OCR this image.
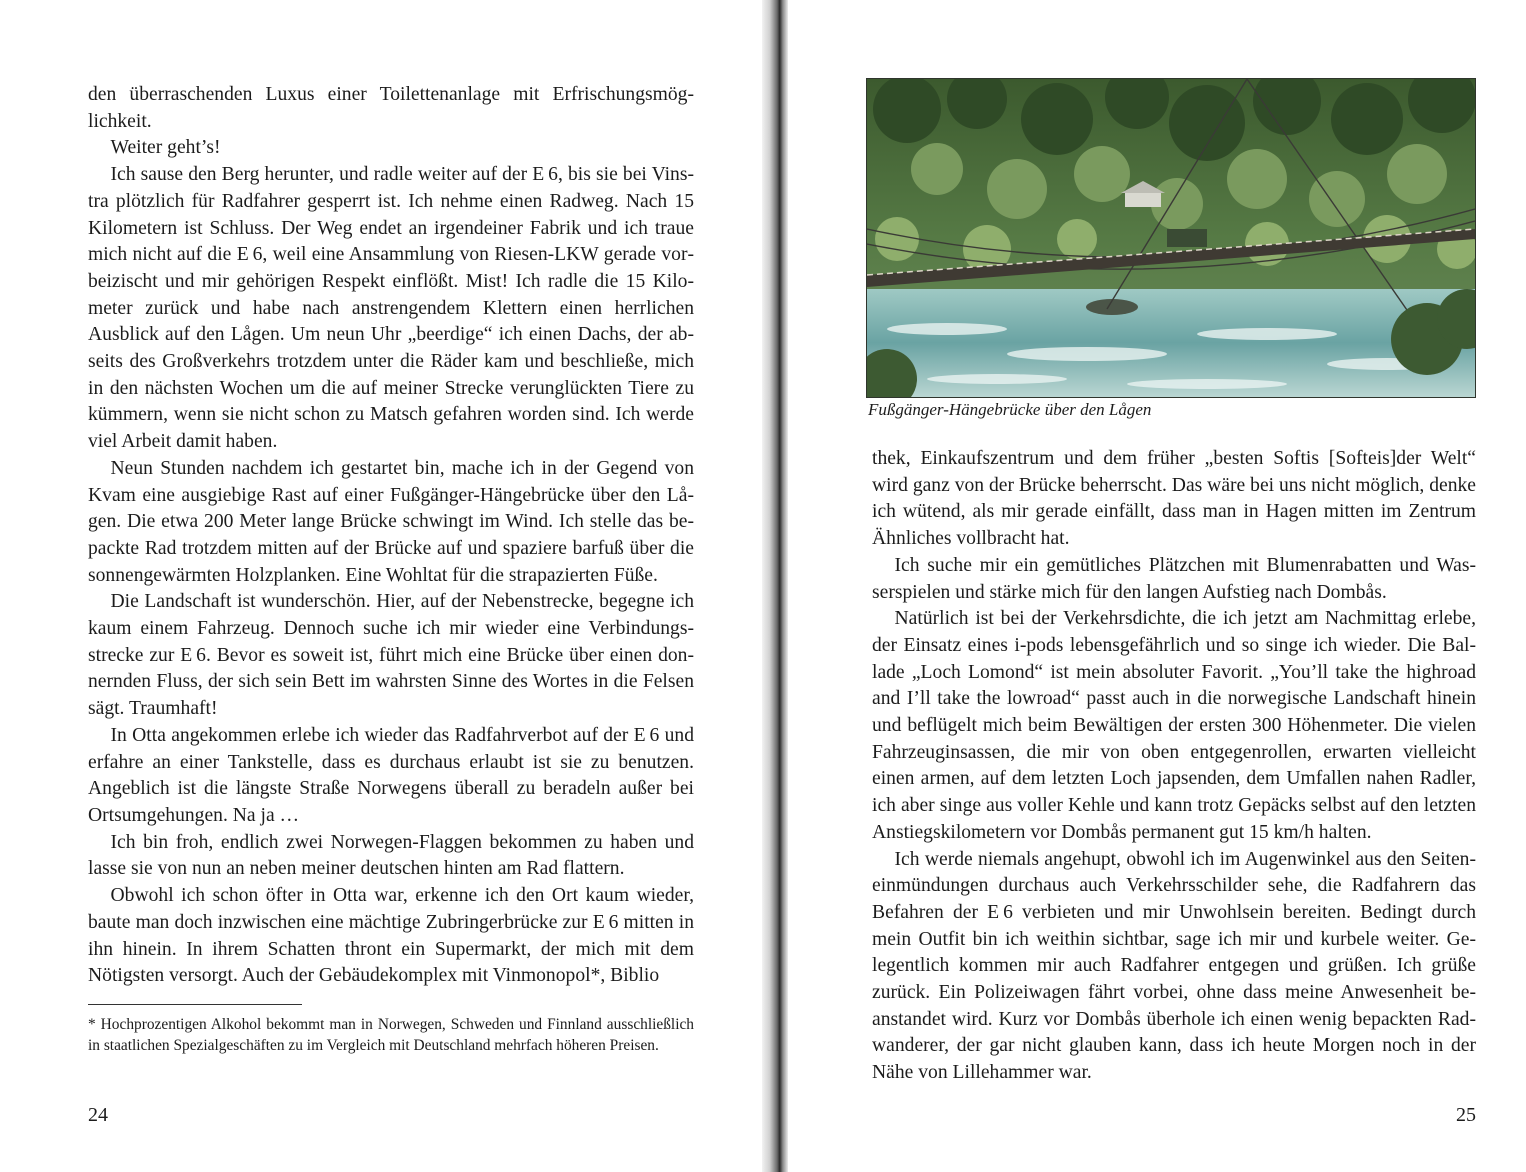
den überraschenden Luxus einer Toilettenanlage mit Erfrischungsmöglichkeit.

Weiter geht’s!

Ich sause den Berg herunter, und radle weiter auf der E 6, bis sie bei Vinstra plötzlich für Radfahrer gesperrt ist. Ich nehme einen Radweg. Nach 15 Kilometern ist Schluss. Der Weg endet an irgendeiner Fabrik und ich traue mich nicht auf die E 6, weil eine Ansammlung von Riesen-LKW gerade vorbeizischt und mir gehörigen Respekt einflößt. Mist! Ich radle die 15 Kilometer zurück und habe nach anstrengendem Klettern einen herrlichen Ausblick auf den Lågen. Um neun Uhr „beerdige“ ich einen Dachs, der abseits des Großverkehrs trotzdem unter die Räder kam und beschließe, mich in den nächsten Wochen um die auf meiner Strecke verunglückten Tiere zu kümmern, wenn sie nicht schon zu Matsch gefahren worden sind. Ich werde viel Arbeit damit haben.

Neun Stunden nachdem ich gestartet bin, mache ich in der Gegend von Kvam eine ausgiebige Rast auf einer Fußgänger-Hängebrücke über den Lågen. Die etwa 200 Meter lange Brücke schwingt im Wind. Ich stelle das bepackte Rad trotzdem mitten auf der Brücke auf und spaziere barfuß über die sonnengewärmten Holzplanken. Eine Wohltat für die strapazierten Füße.

Die Landschaft ist wunderschön. Hier, auf der Nebenstrecke, begegne ich kaum einem Fahrzeug. Dennoch suche ich mir wieder eine Verbindungsstrecke zur E 6. Bevor es soweit ist, führt mich eine Brücke über einen donnernden Fluss, der sich sein Bett im wahrsten Sinne des Wortes in die Felsen sägt. Traumhaft!

In Otta angekommen erlebe ich wieder das Radfahrverbot auf der E 6 und erfahre an einer Tankstelle, dass es durchaus erlaubt ist sie zu benutzen. Angeblich ist die längste Straße Norwegens überall zu beradeln außer bei Ortsumgehungen. Na ja …

Ich bin froh, endlich zwei Norwegen-Flaggen bekommen zu haben und lasse sie von nun an neben meiner deutschen hinten am Rad flattern.

Obwohl ich schon öfter in Otta war, erkenne ich den Ort kaum wieder, baute man doch inzwischen eine mächtige Zubringerbrücke zur E 6 mitten in ihn hinein. In ihrem Schatten thront ein Supermarkt, der mich mit dem Nötigsten versorgt. Auch der Gebäudekomplex mit Vinmonopol*, Biblio

* Hochprozentigen Alkohol bekommt man in Norwegen, Schweden und Finnland ausschließlich in staatlichen Spezialgeschäften zu im Vergleich mit Deutschland mehrfach höheren Preisen.

24

Fußgänger-Hängebrücke über den Lågen

thek, Einkaufszentrum und dem früher „besten Softis [Softeis]der Welt“ wird ganz von der Brücke beherrscht. Das wäre bei uns nicht möglich, denke ich wütend, als mir gerade einfällt, dass man in Hagen mitten im Zentrum Ähnliches vollbracht hat.

Ich suche mir ein gemütliches Plätzchen mit Blumenrabatten und Wasserspielen und stärke mich für den langen Aufstieg nach Dombås.

Natürlich ist bei der Verkehrsdichte, die ich jetzt am Nachmittag erlebe, der Einsatz eines i-pods lebensgefährlich und so singe ich wieder. Die Ballade „Loch Lomond“ ist mein absoluter Favorit. „You’ll take the highroad and I’ll take the lowroad“ passt auch in die norwegische Landschaft hinein und beflügelt mich beim Bewältigen der ersten 300 Höhenmeter. Die vielen Fahrzeuginsassen, die mir von oben entgegenrollen, erwarten vielleicht einen armen, auf dem letzten Loch japsenden, dem Umfallen nahen Radler, ich aber singe aus voller Kehle und kann trotz Gepäcks selbst auf den letzten Anstiegskilometern vor Dombås permanent gut 15 km/h halten.

Ich werde niemals angehupt, obwohl ich im Augenwinkel aus den Seiteneinmündungen durchaus auch Verkehrsschilder sehe, die Radfahrern das Befahren der E 6 verbieten und mir Unwohlsein bereiten. Bedingt durch mein Outfit bin ich weithin sichtbar, sage ich mir und kurbele weiter. Gelegentlich kommen mir auch Radfahrer entgegen und grüßen. Ich grüße zurück. Ein Polizeiwagen fährt vorbei, ohne dass meine Anwesenheit beanstandet wird. Kurz vor Dombås überhole ich einen wenig bepackten Radwanderer, der gar nicht glauben kann, dass ich heute Morgen noch in der Nähe von Lillehammer war.

25
